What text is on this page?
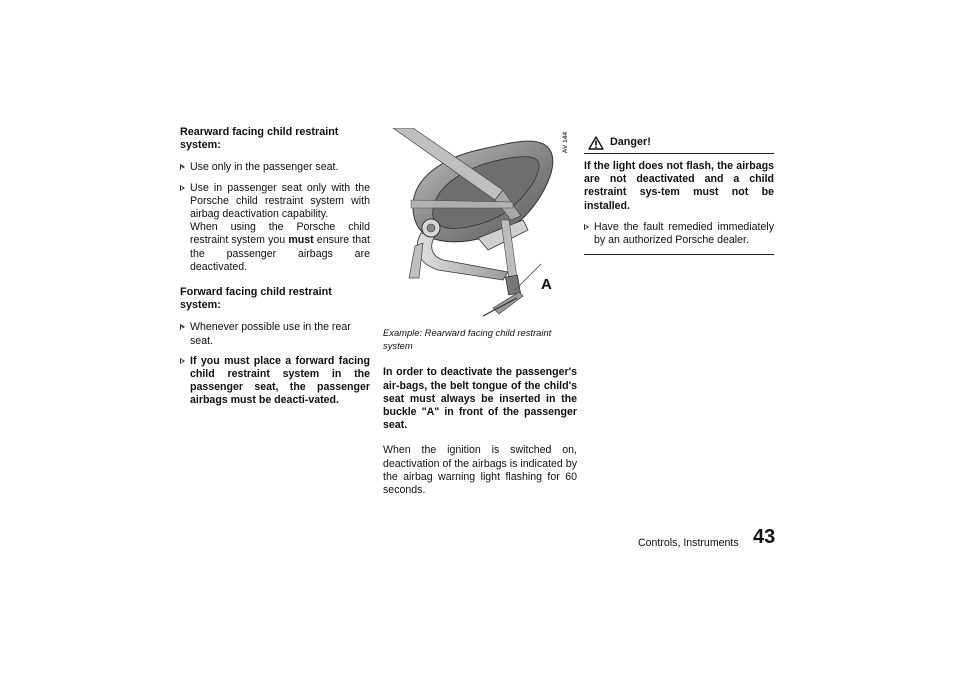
Rearward facing child restraint system:

Use only in the passenger seat.
Use in passenger seat only with the Porsche child restraint system with airbag deactivation capability.
When using the Porsche child restraint system you must ensure that the passenger airbags are deactivated.

Forward facing child restraint system:

Whenever possible use in the rear seat.
If you must place a forward facing child restraint system in the passenger seat, the passenger airbags must be deacti-vated.
AV 144
A

Example: Rearward facing child restraint system

In order to deactivate the passenger's air-bags, the belt tongue of the child's seat must always be inserted in the buckle "A" in front of the passenger seat.

When the ignition is switched on, deactivation of the airbags is indicated by the airbag warning light flashing for 60 seconds.

Danger!

If the light does not flash, the airbags are not deactivated and a child restraint sys-tem must not be installed.

Have the fault remedied immediately by an authorized Porsche dealer.
Controls, Instruments 43
